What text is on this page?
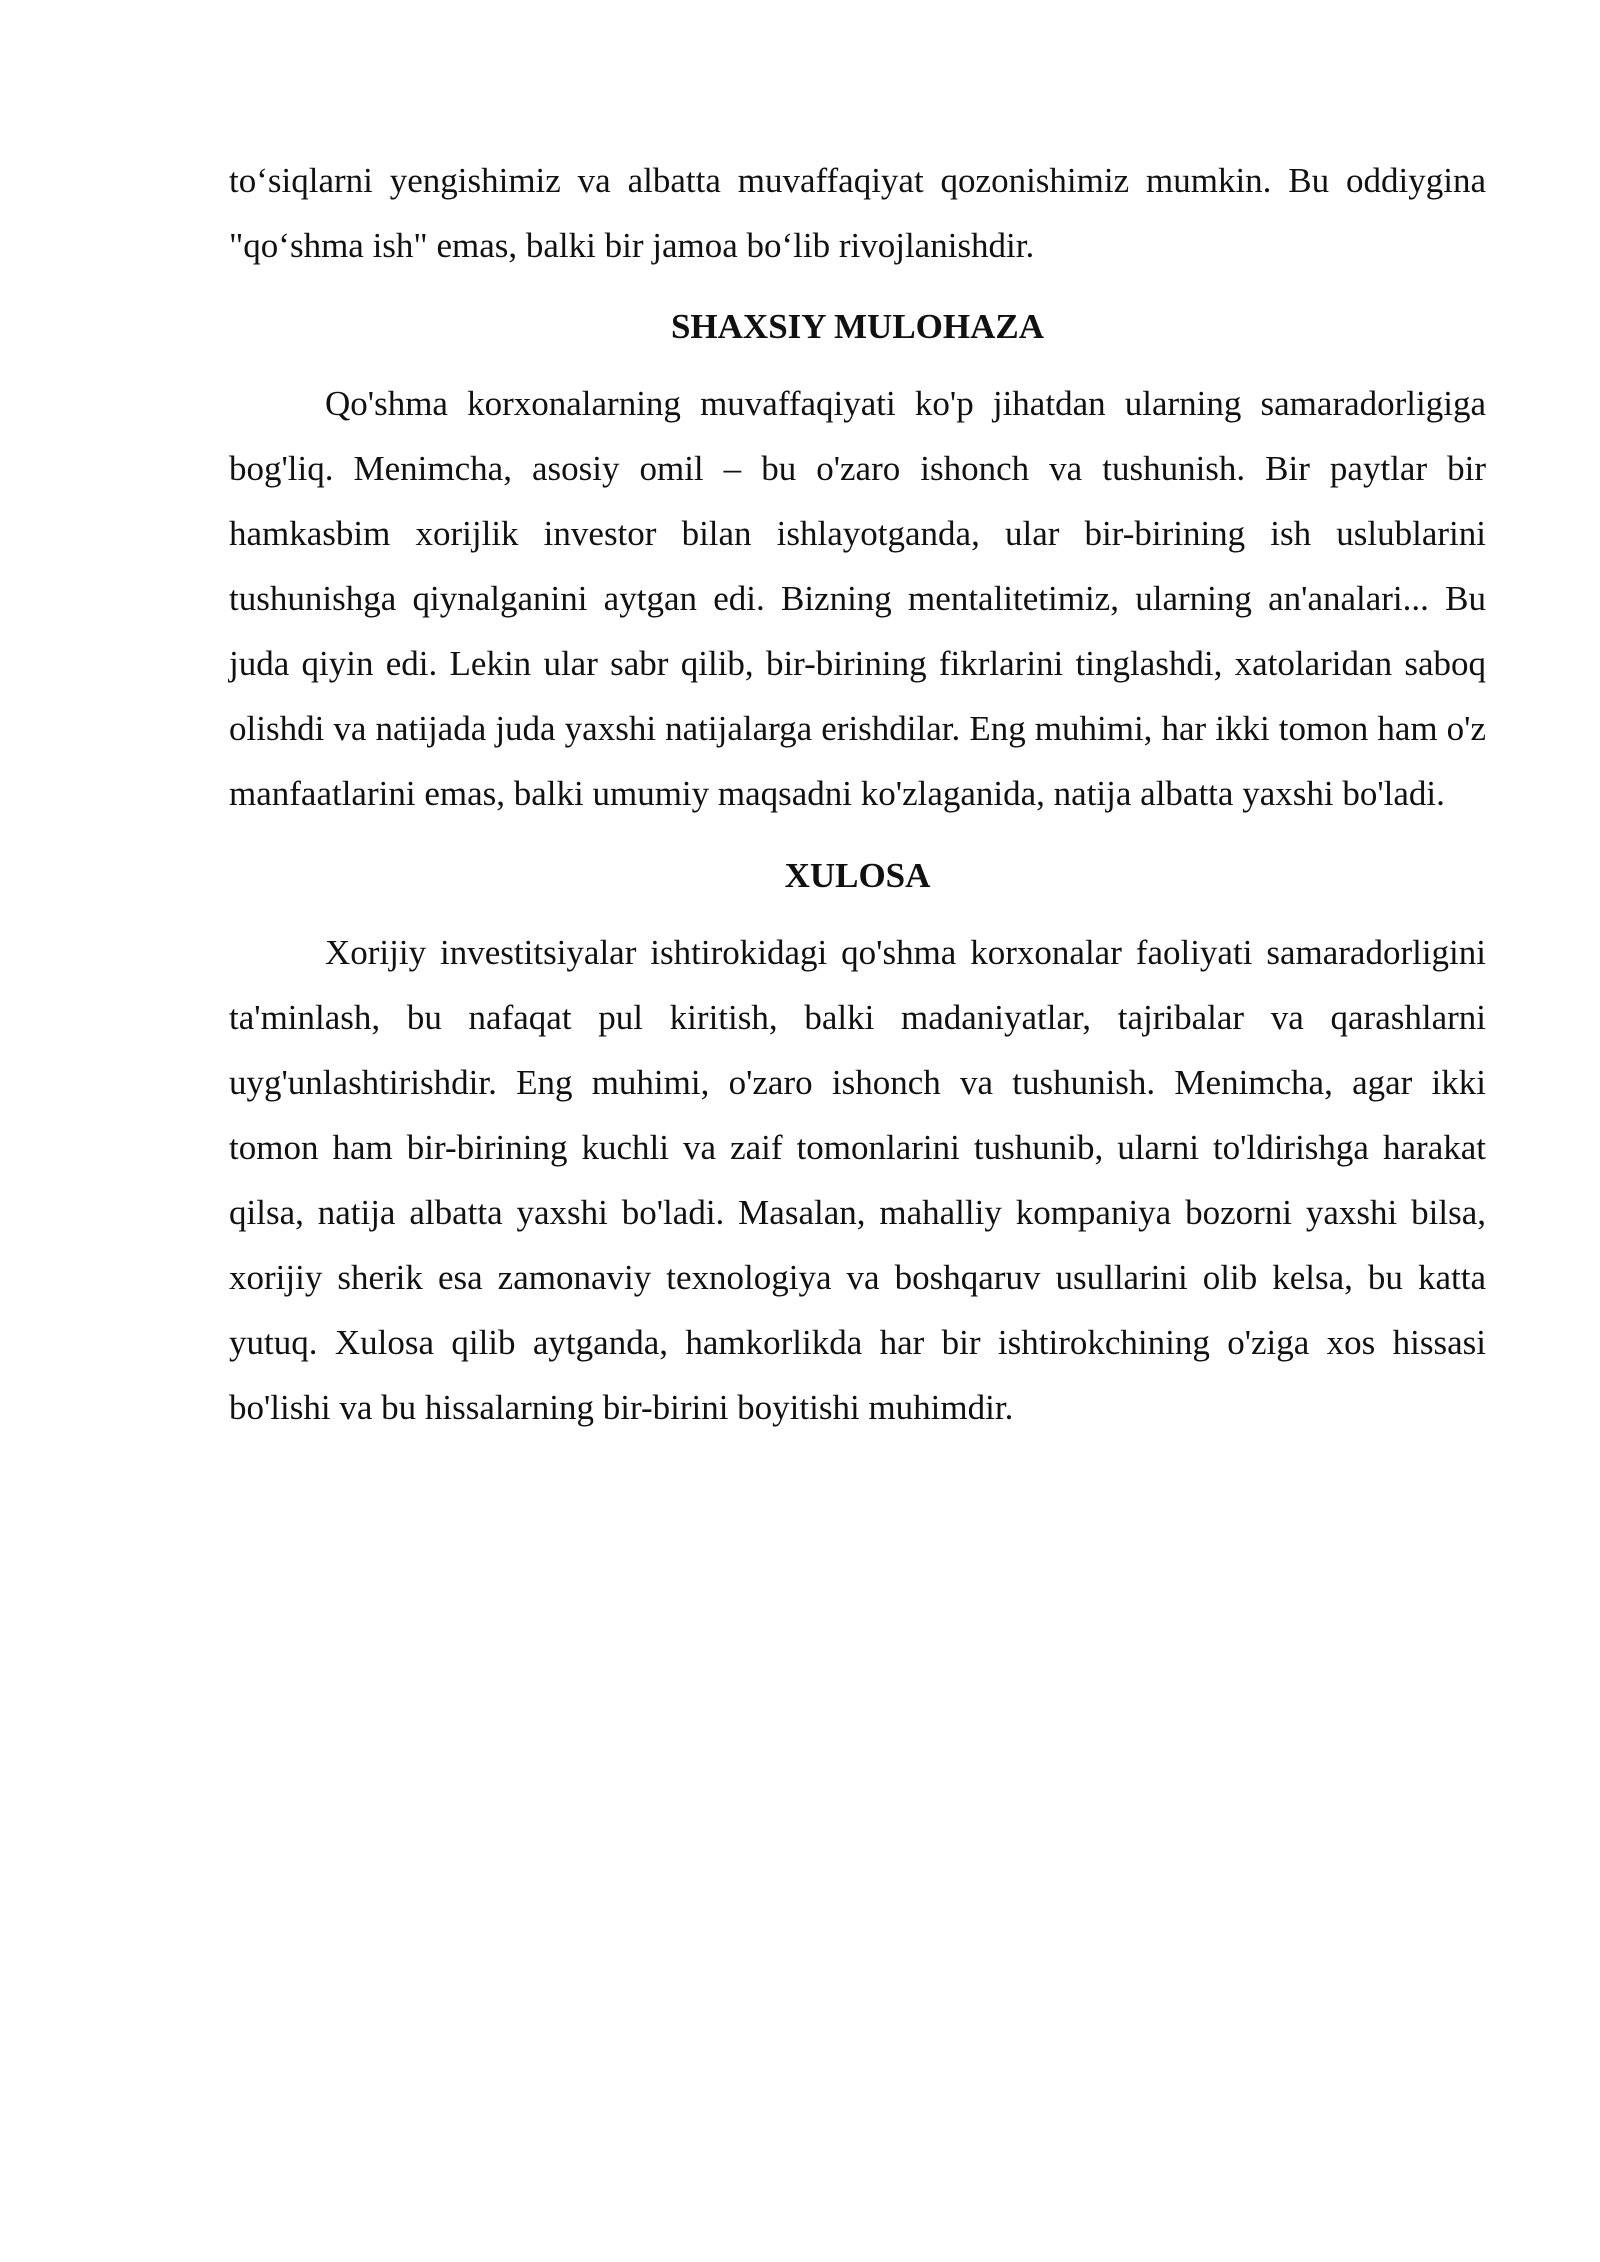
to‘siqlarni yengishimiz va albatta muvaffaqiyat qozonishimiz mumkin. Bu oddiygina "qo‘shma ish" emas, balki bir jamoa bo‘lib rivojlanishdir.

SHAXSIY MULOHAZA

Qo'shma korxonalarning muvaffaqiyati ko'p jihatdan ularning samaradorligiga bog'liq. Menimcha, asosiy omil – bu o'zaro ishonch va tushunish. Bir paytlar bir hamkasbim xorijlik investor bilan ishlayotganda, ular bir-birining ish uslublarini tushunishga qiynalganini aytgan edi. Bizning mentalitetimiz, ularning an'analari... Bu juda qiyin edi. Lekin ular sabr qilib, bir-birining fikrlarini tinglashdi, xatolaridan saboq olishdi va natijada juda yaxshi natijalarga erishdilar. Eng muhimi, har ikki tomon ham o'z manfaatlarini emas, balki umumiy maqsadni ko'zlaganida, natija albatta yaxshi bo'ladi.

XULOSA

Xorijiy investitsiyalar ishtirokidagi qo'shma korxonalar faoliyati samaradorligini ta'minlash, bu nafaqat pul kiritish, balki madaniyatlar, tajribalar va qarashlarni uyg'unlashtirishdir. Eng muhimi, o'zaro ishonch va tushunish. Menimcha, agar ikki tomon ham bir-birining kuchli va zaif tomonlarini tushunib, ularni to'ldirishga harakat qilsa, natija albatta yaxshi bo'ladi. Masalan, mahalliy kompaniya bozorni yaxshi bilsa, xorijiy sherik esa zamonaviy texnologiya va boshqaruv usullarini olib kelsa, bu katta yutuq. Xulosa qilib aytganda, hamkorlikda har bir ishtirokchining o'ziga xos hissasi bo'lishi va bu hissalarning bir-birini boyitishi muhimdir.
